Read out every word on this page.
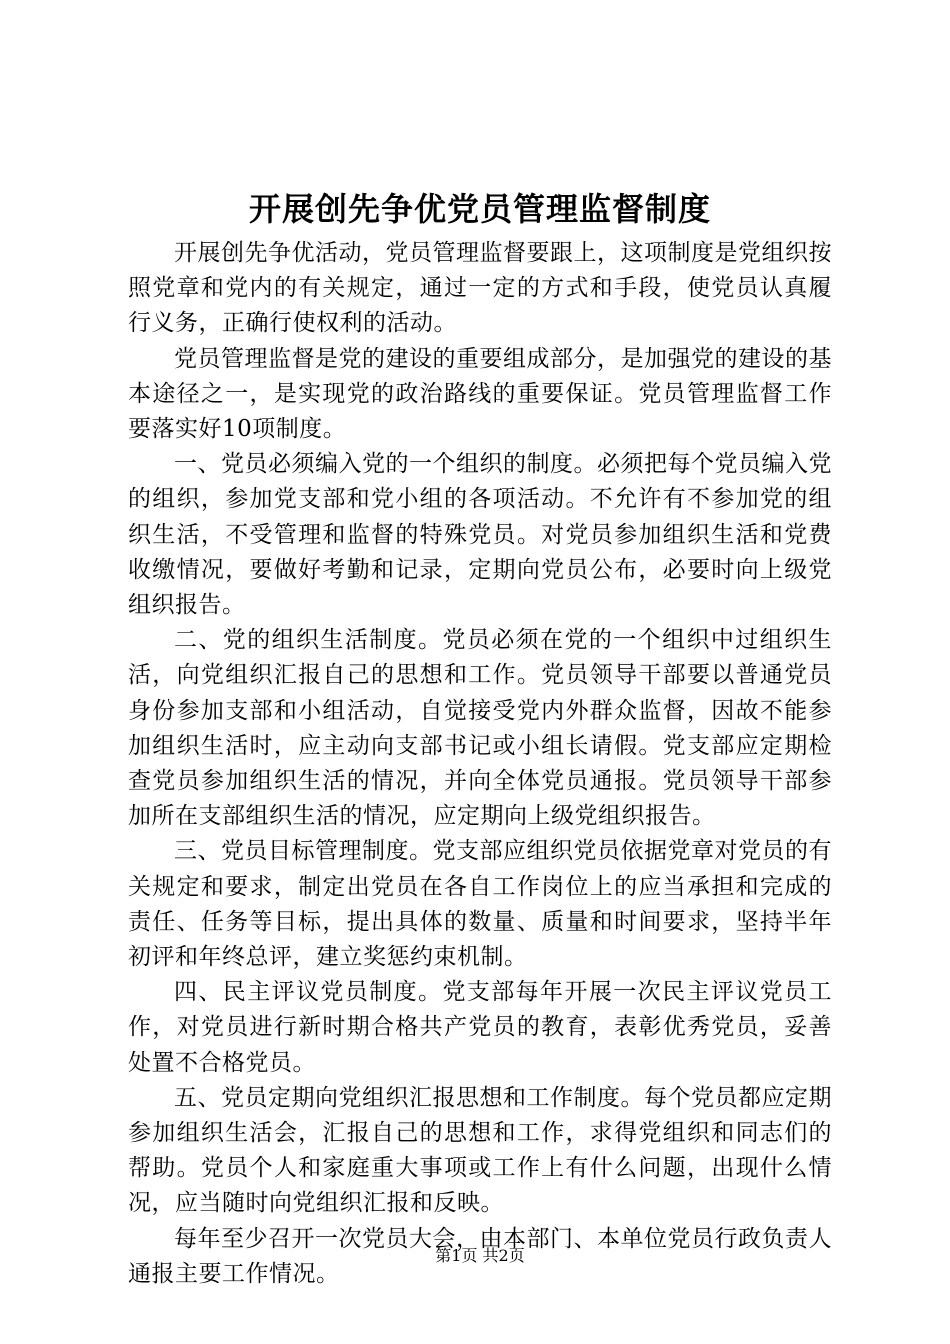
开展创先争优党员管理监督制度

开展创先争优活动，党员管理监督要跟上，这项制度是党组织按照党章和党内的有关规定，通过一定的方式和手段，使党员认真履行义务，正确行使权利的活动。

党员管理监督是党的建设的重要组成部分，是加强党的建设的基本途径之一，是实现党的政治路线的重要保证。党员管理监督工作要落实好10项制度。

一、党员必须编入党的一个组织的制度。必须把每个党员编入党的组织，参加党支部和党小组的各项活动。不允许有不参加党的组织生活，不受管理和监督的特殊党员。对党员参加组织生活和党费收缴情况，要做好考勤和记录，定期向党员公布，必要时向上级党组织报告。

二、党的组织生活制度。党员必须在党的一个组织中过组织生活，向党组织汇报自己的思想和工作。党员领导干部要以普通党员身份参加支部和小组活动，自觉接受党内外群众监督，因故不能参加组织生活时，应主动向支部书记或小组长请假。党支部应定期检查党员参加组织生活的情况，并向全体党员通报。党员领导干部参加所在支部组织生活的情况，应定期向上级党组织报告。

三、党员目标管理制度。党支部应组织党员依据党章对党员的有关规定和要求，制定出党员在各自工作岗位上的应当承担和完成的责任、任务等目标，提出具体的数量、质量和时间要求，坚持半年初评和年终总评，建立奖惩约束机制。

四、民主评议党员制度。党支部每年开展一次民主评议党员工作，对党员进行新时期合格共产党员的教育，表彰优秀党员，妥善处置不合格党员。

五、党员定期向党组织汇报思想和工作制度。每个党员都应定期参加组织生活会，汇报自己的思想和工作，求得党组织和同志们的帮助。党员个人和家庭重大事项或工作上有什么问题，出现什么情况，应当随时向党组织汇报和反映。

每年至少召开一次党员大会，由本部门、本单位党员行政负责人通报主要工作情况。

第1页 共2页
